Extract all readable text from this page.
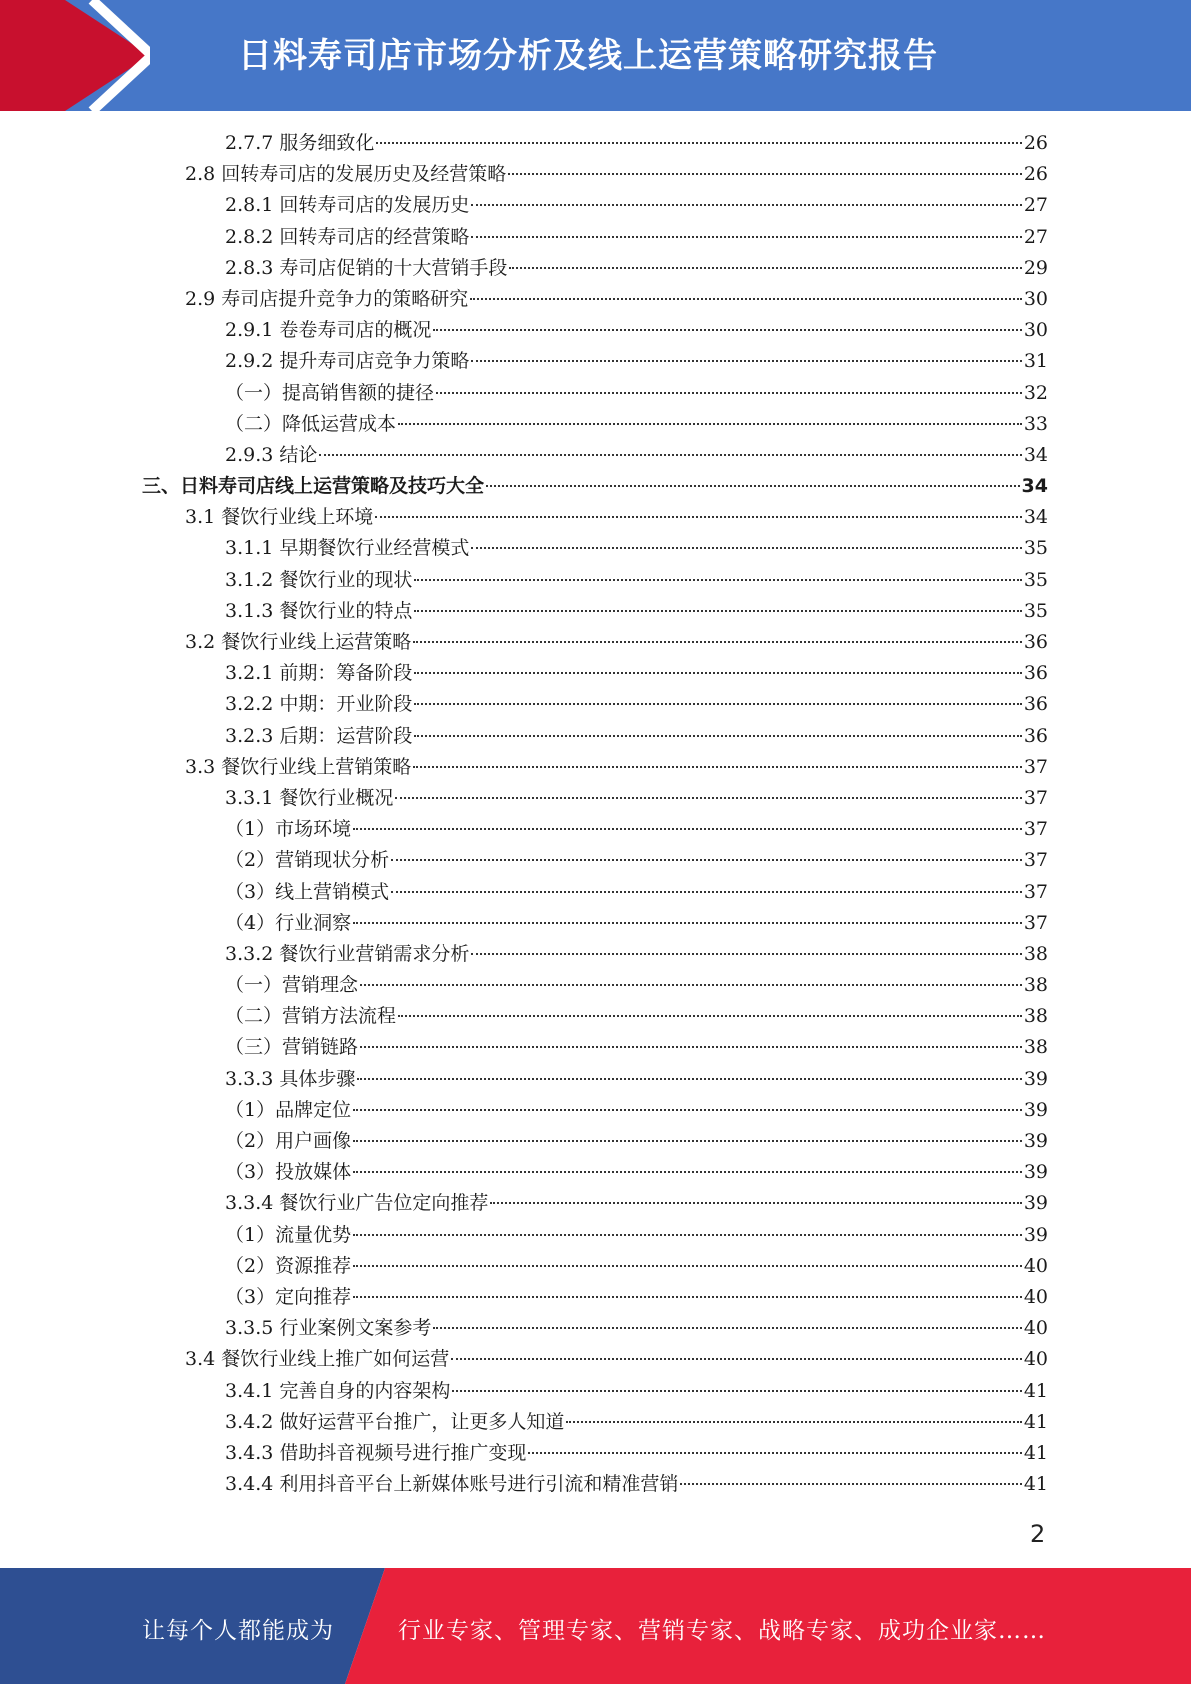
日料寿司店市场分析及线上运营策略研究报告
2.7.7 服务细致化	26
2.8 回转寿司店的发展历史及经营策略	26
2.8.1 回转寿司店的发展历史	27
2.8.2 回转寿司店的经营策略	27
2.8.3 寿司店促销的十大营销手段	29
2.9 寿司店提升竞争力的策略研究	30
2.9.1 卷卷寿司店的概况	30
2.9.2 提升寿司店竞争力策略	31
（一）提高销售额的捷径	32
（二）降低运营成本	33
2.9.3 结论	34
三、日料寿司店线上运营策略及技巧大全	34
3.1 餐饮行业线上环境	34
3.1.1 早期餐饮行业经营模式	35
3.1.2 餐饮行业的现状	35
3.1.3 餐饮行业的特点	35
3.2 餐饮行业线上运营策略	36
3.2.1 前期：筹备阶段	36
3.2.2 中期：开业阶段	36
3.2.3 后期：运营阶段	36
3.3 餐饮行业线上营销策略	37
3.3.1 餐饮行业概况	37
（1）市场环境	37
（2）营销现状分析	37
（3）线上营销模式	37
（4）行业洞察	37
3.3.2 餐饮行业营销需求分析	38
（一）营销理念	38
（二）营销方法流程	38
（三）营销链路	38
3.3.3 具体步骤	39
（1）品牌定位	39
（2）用户画像	39
（3）投放媒体	39
3.3.4 餐饮行业广告位定向推荐	39
（1）流量优势	39
（2）资源推荐	40
（3）定向推荐	40
3.3.5 行业案例文案参考	40
3.4 餐饮行业线上推广如何运营	40
3.4.1 完善自身的内容架构	41
3.4.2 做好运营平台推广，让更多人知道	41
3.4.3 借助抖音视频号进行推广变现	41
3.4.4 利用抖音平台上新媒体账号进行引流和精准营销	41
2
让每个人都能成为	行业专家、管理专家、营销专家、战略专家、成功企业家……
